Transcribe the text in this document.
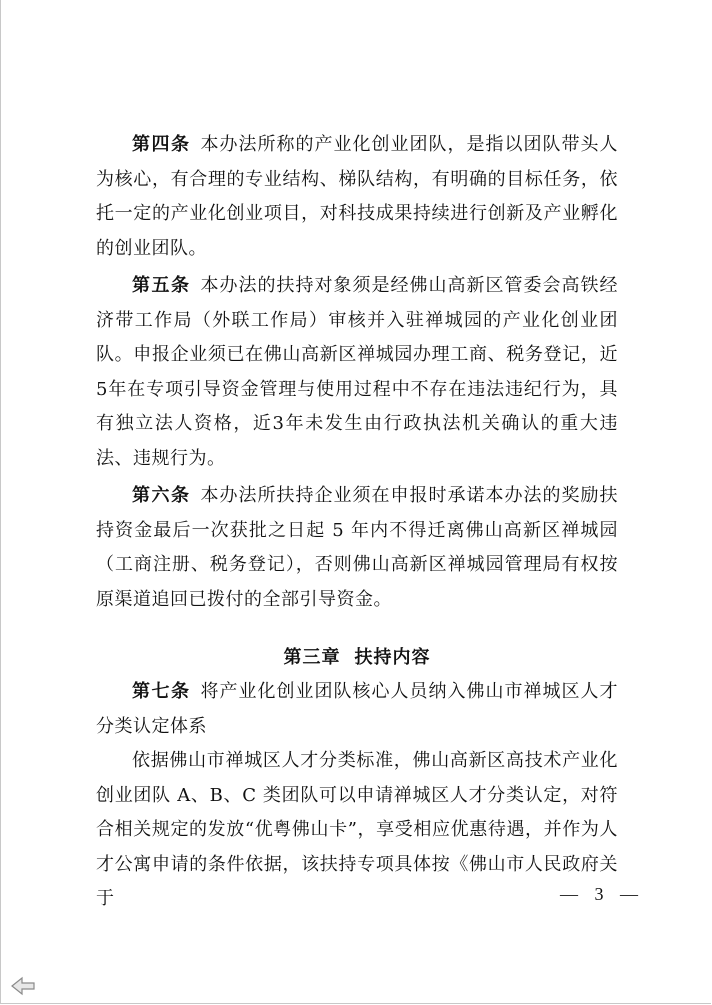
第四条 本办法所称的产业化创业团队，是指以团队带头人为核心，有合理的专业结构、梯队结构，有明确的目标任务，依托一定的产业化创业项目，对科技成果持续进行创新及产业孵化的创业团队。

第五条 本办法的扶持对象须是经佛山高新区管委会高铁经济带工作局（外联工作局）审核并入驻禅城园的产业化创业团队。申报企业须已在佛山高新区禅城园办理工商、税务登记，近5年在专项引导资金管理与使用过程中不存在违法违纪行为，具有独立法人资格，近3年未发生由行政执法机关确认的重大违法、违规行为。

第六条 本办法所扶持企业须在申报时承诺本办法的奖励扶持资金最后一次获批之日起 5 年内不得迁离佛山高新区禅城园（工商注册、税务登记），否则佛山高新区禅城园管理局有权按原渠道追回已拨付的全部引导资金。

第三章 扶持内容

第七条 将产业化创业团队核心人员纳入佛山市禅城区人才分类认定体系

依据佛山市禅城区人才分类标准，佛山高新区高技术产业化创业团队 A、B、C 类团队可以申请禅城区人才分类认定，对符合相关规定的发放“优粤佛山卡”，享受相应优惠待遇，并作为人才公寓申请的条件依据，该扶持专项具体按《佛山市人民政府关于	— 3 —
